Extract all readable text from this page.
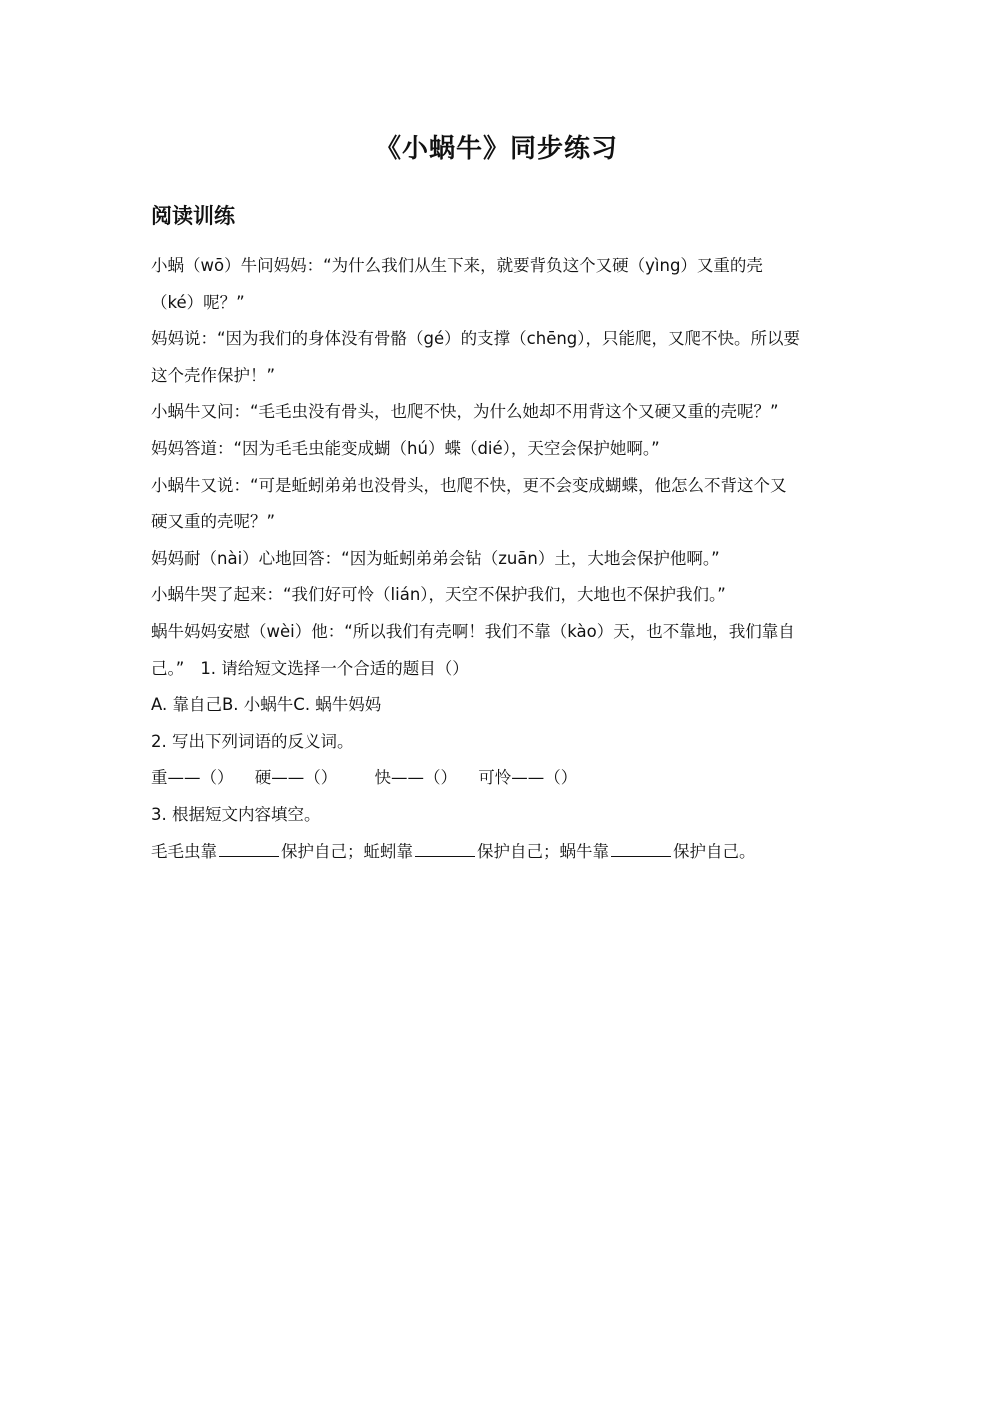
《小蜗牛》同步练习
阅读训练
小蜗（wō）牛问妈妈：“为什么我们从生下来，就要背负这个又硬（yìng）又重的壳
（ké）呢？”
妈妈说：“因为我们的身体没有骨骼（gé）的支撑（chēng），只能爬，又爬不快。所以要
这个壳作保护！”
小蜗牛又问：“毛毛虫没有骨头，也爬不快，为什么她却不用背这个又硬又重的壳呢？”
妈妈答道：“因为毛毛虫能变成蝴（hú）蝶（dié），天空会保护她啊。”
小蜗牛又说：“可是蚯蚓弟弟也没骨头，也爬不快，更不会变成蝴蝶，他怎么不背这个又
硬又重的壳呢？”
妈妈耐（nài）心地回答：“因为蚯蚓弟弟会钻（zuān）土，大地会保护他啊。”
小蜗牛哭了起来：“我们好可怜（lián），天空不保护我们，大地也不保护我们。”
蜗牛妈妈安慰（wèi）他：“所以我们有壳啊！我们不靠（kào）天，也不靠地，我们靠自
己。” 1. 请给短文选择一个合适的题目（）
A. 靠自己B. 小蜗牛C. 蜗牛妈妈
2. 写出下列词语的反义词。
重——（） 硬——（） 快——（） 可怜——（）
3. 根据短文内容填空。
毛毛虫靠	保护自己；蚯蚓靠	保护自己；蜗牛靠	保护自己。
